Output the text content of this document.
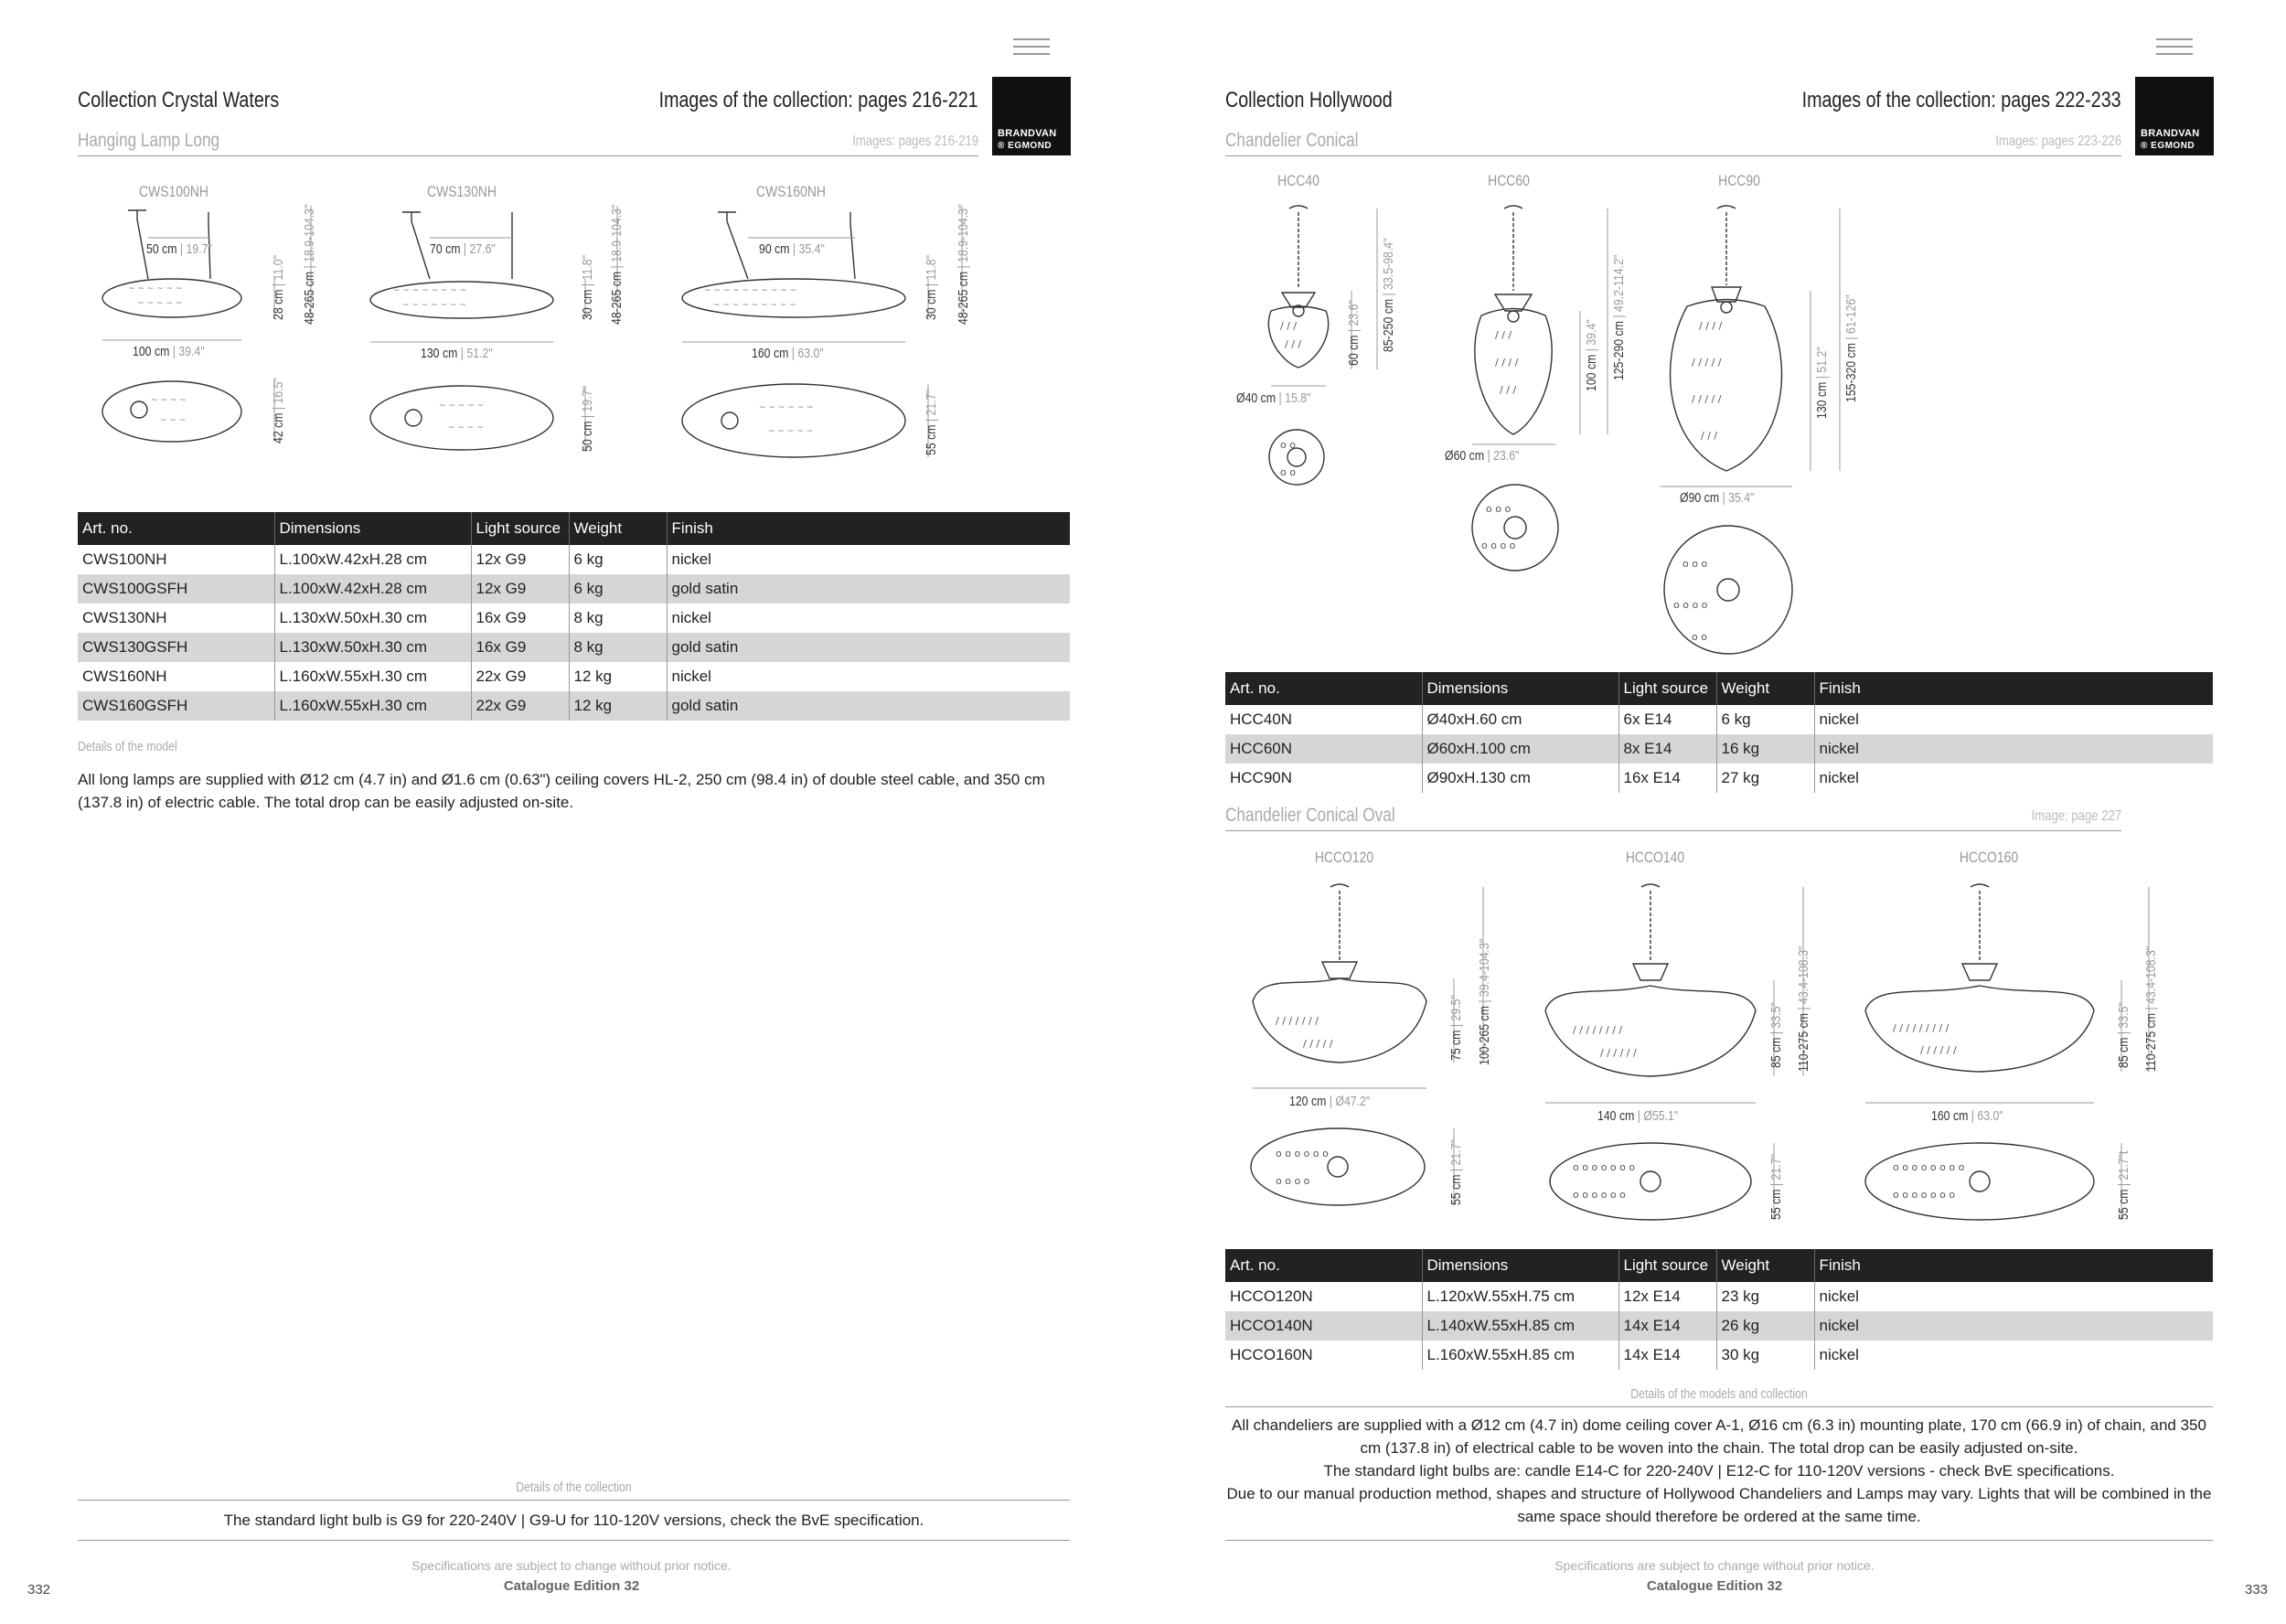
BRANDVAN
® EGMOND
Collection Crystal Waters	Images of the collection: pages 216-221
Hanging Lamp Long	Images: pages 216-219
CWS100NH	CWS130NH	CWS160NH
~ ~ ~ ~ ~ ~
~ ~ ~ ~ ~
~ ~ ~ ~ ~ ~ ~ ~
~ ~ ~ ~ ~ ~ ~
~ ~ ~ ~ ~ ~ ~ ~ ~ ~
~ ~ ~ ~ ~ ~ ~ ~ ~
~ ~ ~ ~
~ ~ ~
~ ~ ~ ~ ~
~ ~ ~ ~
~ ~ ~ ~ ~ ~
~ ~ ~ ~ ~
50 cm | 19.7"	70 cm | 27.6"	90 cm | 35.4"
100 cm | 39.4"	130 cm | 51.2"	160 cm | 63.0"
28 cm | 11.0"
48-265 cm | 18.9-104.3"
42 cm | 16.5"
30 cm | 11.8"
48-265 cm | 18.9-104.3"
50 cm | 19.7"
30 cm | 11.8"
48-265 cm | 18.9-104.3"
55 cm | 21.7"
Art. no.	Dimensions	Light source	Weight	Finish
CWS100NH	L.100xW.42xH.28 cm	12x G9	6 kg	nickel
CWS100GSFH	L.100xW.42xH.28 cm	12x G9	6 kg	gold satin
CWS130NH	L.130xW.50xH.30 cm	16x G9	8 kg	nickel
CWS130GSFH	L.130xW.50xH.30 cm	16x G9	8 kg	gold satin
CWS160NH	L.160xW.55xH.30 cm	22x G9	12 kg	nickel
CWS160GSFH	L.160xW.55xH.30 cm	22x G9	12 kg	gold satin
Details of the model
All long lamps are supplied with Ø12 cm (4.7 in) and Ø1.6 cm (0.63") ceiling covers HL-2, 250 cm (98.4 in) of double steel cable, and 350 cm (137.8 in) of electric cable. The total drop can be easily adjusted on-site.
Details of the collection
The standard light bulb is G9 for 220-240V | G9-U for 110-120V versions, check the BvE specification.
Specifications are subject to change without prior notice.
Catalogue Edition 32
332
BRANDVAN
® EGMOND
Collection Hollywood	Images of the collection: pages 222-233
Chandelier Conical	Images: pages 223-226
HCC40	HCC60	HCC90
/ / /
/ / /
/ / /
/ / / /
/ / /
/ / / /
/ / / / /
/ / / / /
/ / /
o o
o o
o o o
o o o o
o o o
o o o o
o o
Ø40 cm | 15.8"
Ø60 cm | 23.6"
Ø90 cm | 35.4"
60 cm | 23.6" 85-250 cm | 33.5-98.4"
100 cm | 39.4" 125-290 cm | 49.2-114.2"
130 cm | 51.2" 155-320 cm | 61-126"
Art. no.	Dimensions	Light source	Weight	Finish
HCC40N	Ø40xH.60 cm	6x E14	6 kg	nickel
HCC60N	Ø60xH.100 cm	8x E14	16 kg	nickel
HCC90N	Ø90xH.130 cm	16x E14	27 kg	nickel
Chandelier Conical Oval	Image: page 227
HCCO120	HCCO140	HCCO160
/ / / / / / /
/ / / / /
/ / / / / / / /
/ / / / / /
/ / / / / / / / /
/ / / / / /
o o o o o o
o o o o
o o o o o o o
o o o o o o
o o o o o o o o
o o o o o o o
120 cm | Ø47.2"
140 cm | Ø55.1"	160 cm | 63.0"
75 cm | 29.5" 100-265 cm | 39.4-104.3"
55 cm | 21.7"
85 cm | 33.5" 110-275 cm | 43.4-108.3"
55 cm | 21.7"
85 cm | 33.5" 110-275 cm | 43.4-108.3"
55 cm | 21.7"t
Art. no.	Dimensions	Light source	Weight	Finish
HCCO120N	L.120xW.55xH.75 cm	12x E14	23 kg	nickel
HCCO140N	L.140xW.55xH.85 cm	14x E14	26 kg	nickel
HCCO160N	L.160xW.55xH.85 cm	14x E14	30 kg	nickel
Details of the models and collection
All chandeliers are supplied with a Ø12 cm (4.7 in) dome ceiling cover A-1, Ø16 cm (6.3 in) mounting plate, 170 cm (66.9 in) of chain, and 350
cm (137.8 in) of electrical cable to be woven into the chain. The total drop can be easily adjusted on-site.
The standard light bulbs are: candle E14-C for 220-240V | E12-C for 110-120V versions - check BvE specifications.
Due to our manual production method, shapes and structure of Hollywood Chandeliers and Lamps may vary. Lights that will be combined in the
same space should therefore be ordered at the same time.
Specifications are subject to change without prior notice.
Catalogue Edition 32	333
